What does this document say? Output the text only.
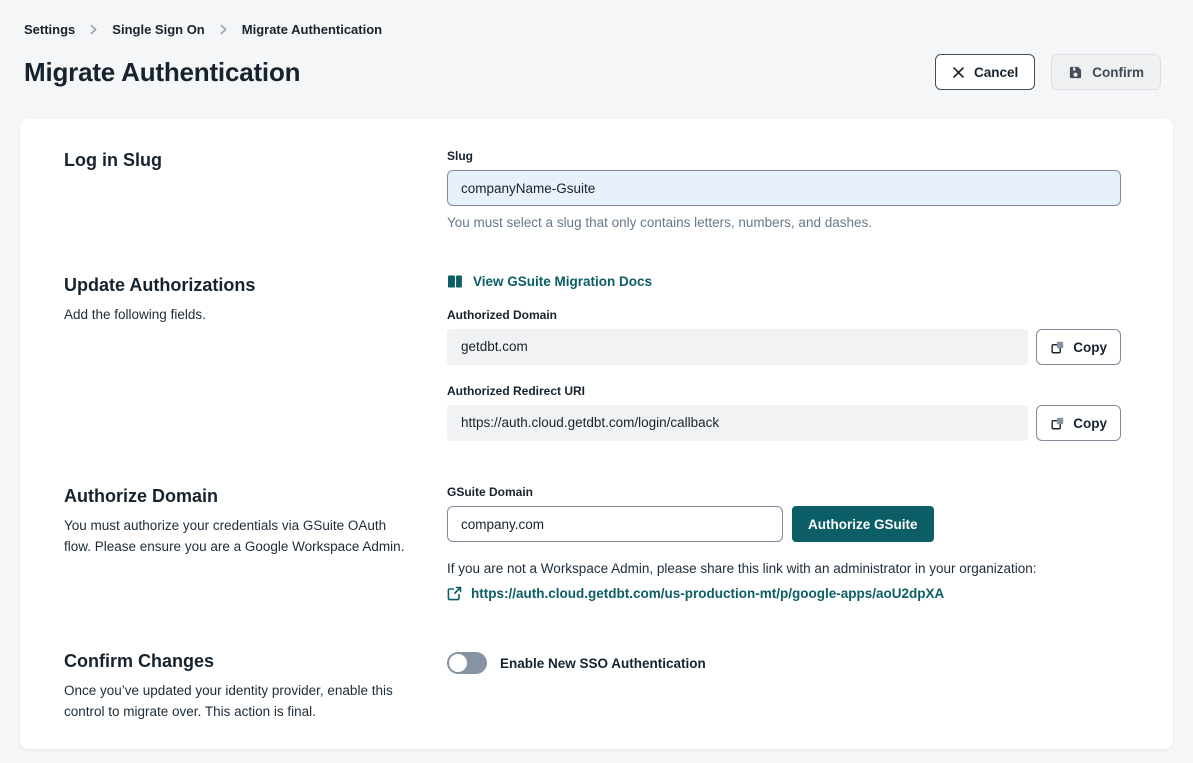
Settings	Single Sign On	Migrate Authentication
Migrate Authentication	Cancel	Confirm
Log in Slug	Slug
companyName-Gsuite

You must select a slug that only contains letters, numbers, and dashes.

Update Authorizations

Add the following fields.

View GSuite Migration Docs
Authorized Domain
getdbt.com	Copy
Authorized Redirect URI
https://auth.cloud.getdbt.com/login/callback	Copy
Authorize Domain

You must authorize your credentials via GSuite OAuth flow. Please ensure you are a Google Workspace Admin.

GSuite Domain
company.com
Authorize GSuite

If you are not a Workspace Admin, please share this link with an administrator in your organization:

https://auth.cloud.getdbt.com/us-production-mt/p/google-apps/aoU2dpXA
Confirm Changes

Once you’ve updated your identity provider, enable this control to migrate over. This action is final.

Enable New SSO Authentication
